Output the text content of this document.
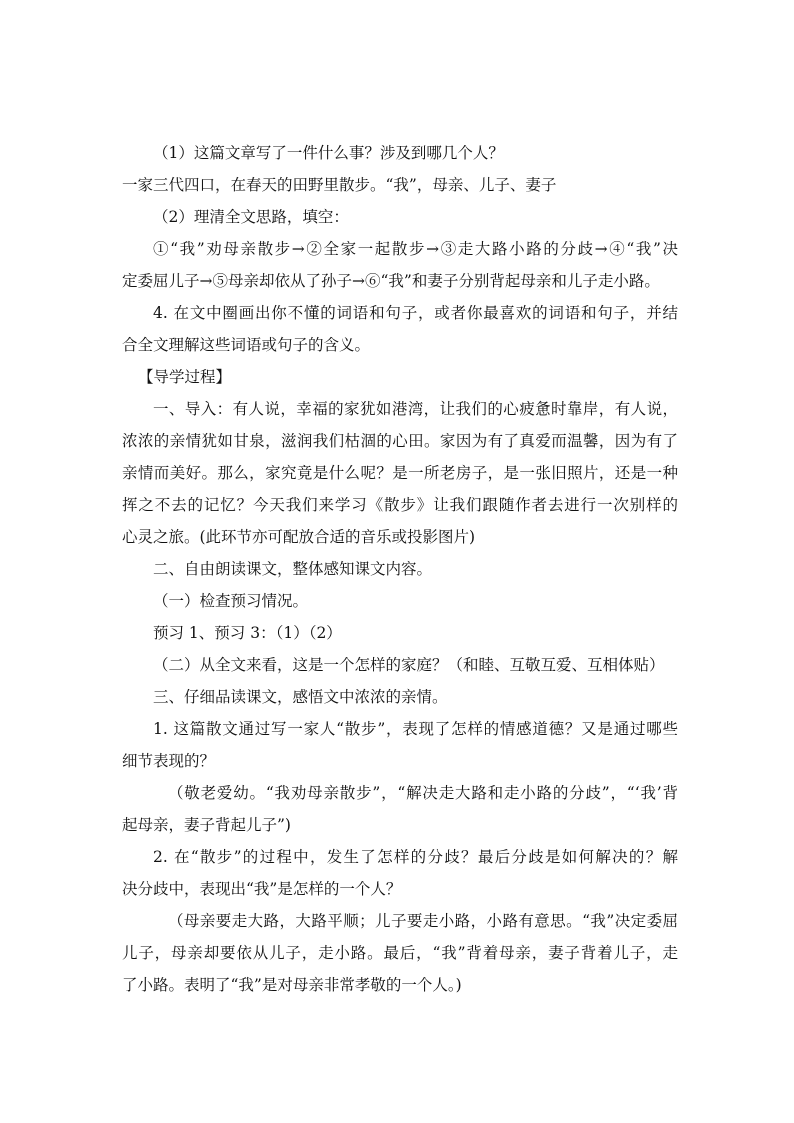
（1）这篇文章写了一件什么事？涉及到哪几个人？
一家三代四口，在春天的田野里散步。“我”，母亲、儿子、妻子
（2）理清全文思路，填空：
①“我”劝母亲散步→②全家一起散步→③走大路小路的分歧→④“我”决
定委屈儿子→⑤母亲却依从了孙子→⑥“我”和妻子分别背起母亲和儿子走小路。
4. 在文中圈画出你不懂的词语和句子，或者你最喜欢的词语和句子，并结
合全文理解这些词语或句子的含义。
【导学过程】
一、导入：有人说，幸福的家犹如港湾，让我们的心疲惫时靠岸，有人说，
浓浓的亲情犹如甘泉，滋润我们枯涸的心田。家因为有了真爱而温馨，因为有了
亲情而美好。那么，家究竟是什么呢？是一所老房子，是一张旧照片，还是一种
挥之不去的记忆？今天我们来学习《散步》让我们跟随作者去进行一次别样的
心灵之旅。(此环节亦可配放合适的音乐或投影图片)
二、自由朗读课文，整体感知课文内容。
（一）检查预习情况。
预习 1、预习 3：（1）（2）
（二）从全文来看，这是一个怎样的家庭？（和睦、互敬互爱、互相体贴）
三、仔细品读课文，感悟文中浓浓的亲情。
1. 这篇散文通过写一家人“散步”，表现了怎样的情感道德？又是通过哪些
细节表现的？
（敬老爱幼。“我劝母亲散步”，“解决走大路和走小路的分歧”，“‘我’背
起母亲，妻子背起儿子”)
2. 在“散步”的过程中，发生了怎样的分歧？最后分歧是如何解决的？解
决分歧中，表现出“我”是怎样的一个人？
（母亲要走大路，大路平顺；儿子要走小路，小路有意思。“我”决定委屈
儿子，母亲却要依从儿子，走小路。最后，“我”背着母亲，妻子背着儿子，走
了小路。表明了“我”是对母亲非常孝敬的一个人。)
